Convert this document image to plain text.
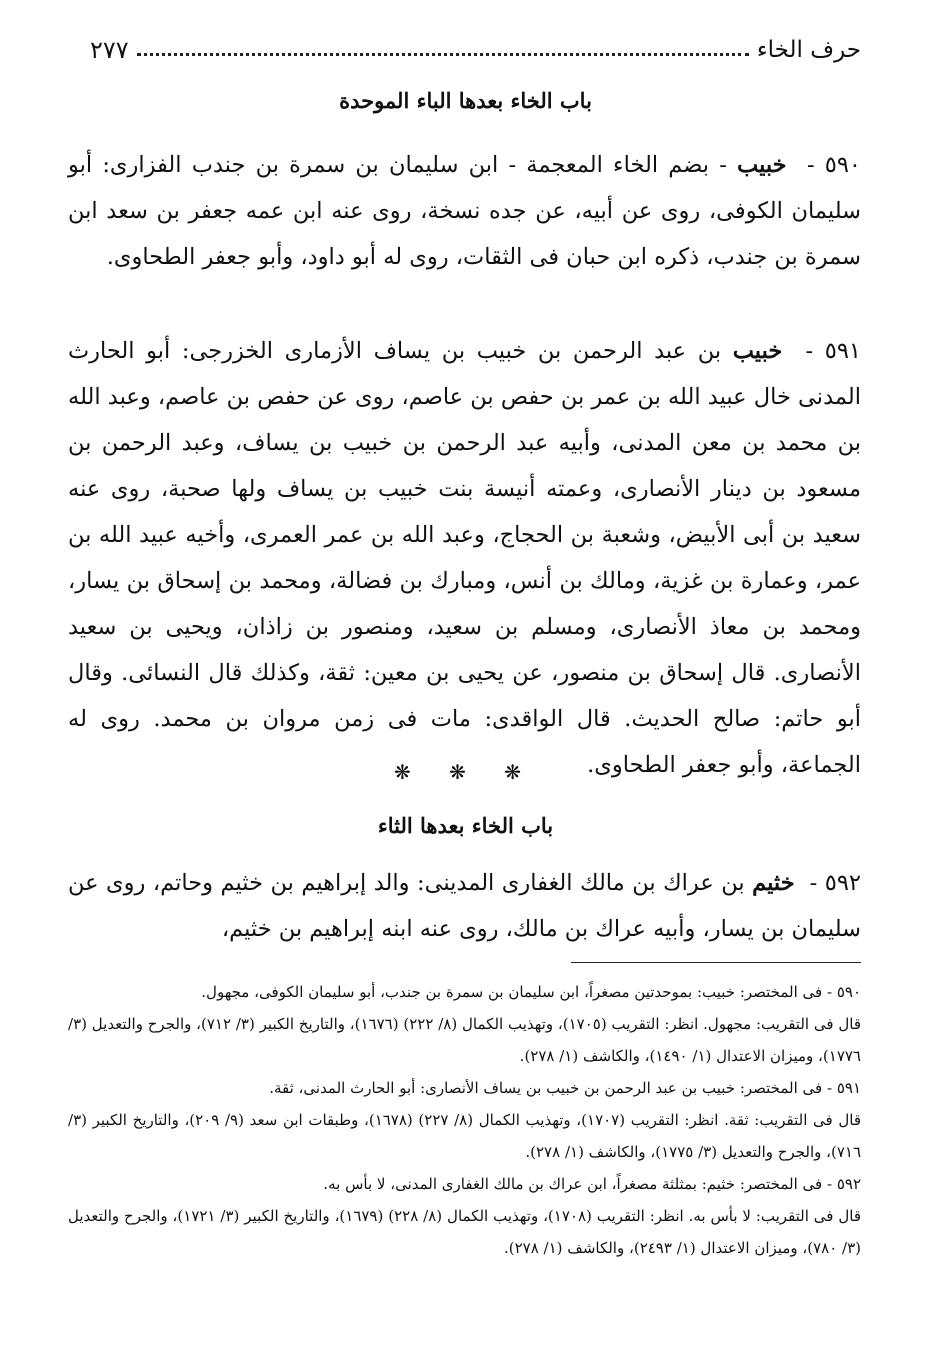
حرف الخاء
٢٧٧
باب الخاء بعدها الباء الموحدة

٥٩٠ -  خبيب - بضم الخاء المعجمة - ابن سليمان بن سمرة بن جندب الفزارى: أبو سليمان الكوفى، روى عن أبيه، عن جده نسخة، روى عنه ابن عمه جعفر بن سعد ابن سمرة بن جندب، ذكره ابن حبان فى الثقات، روى له أبو داود، وأبو جعفر الطحاوى.

٥٩١ -  خبيب بن عبد الرحمن بن خبيب بن يساف الأزمارى الخزرجى: أبو الحارث المدنى خال عبيد الله بن عمر بن حفص بن عاصم، روى عن حفص بن عاصم، وعبد الله بن محمد بن معن المدنى، وأبيه عبد الرحمن بن خبيب بن يساف، وعبد الرحمن بن مسعود بن دينار الأنصارى، وعمته أنيسة بنت خبيب بن يساف ولها صحبة، روى عنه سعيد بن أبى الأبيض، وشعبة بن الحجاج، وعبد الله بن عمر العمرى، وأخيه عبيد الله بن عمر، وعمارة بن غزية، ومالك بن أنس، ومبارك بن فضالة، ومحمد بن إسحاق بن يسار، ومحمد بن معاذ الأنصارى، ومسلم بن سعيد، ومنصور بن زاذان، ويحيى بن سعيد الأنصارى. قال إسحاق بن منصور، عن يحيى بن معين: ثقة، وكذلك قال النسائى. وقال أبو حاتم: صالح الحديث. قال الواقدى: مات فى زمن مروان بن محمد. روى له الجماعة، وأبو جعفر الطحاوى.

❋ ❋ ❋
باب الخاء بعدها الثاء

٥٩٢ -  خثيم بن عراك بن مالك الغفارى المدينى: والد إبراهيم بن خثيم وحاتم، روى عن سليمان بن يسار، وأبيه عراك بن مالك، روى عنه ابنه إبراهيم بن خثيم،

٥٩٠ - فى المختصر: خبيب: بموحدتين مصغراً، ابن سليمان بن سمرة بن جندب، أبو سليمان الكوفى، مجهول.

قال فى التقريب: مجهول. انظر: التقريب (١٧٠٥)، وتهذيب الكمال (٨/ ٢٢٢) (١٦٧٦)، والتاريخ الكبير (٣/ ٧١٢)، والجرح والتعديل (٣/ ١٧٧٦)، وميزان الاعتدال (١/ ١٤٩٠)، والكاشف (١/ ٢٧٨).

٥٩١ - فى المختصر: خبيب بن عبد الرحمن بن خبيب بن يساف الأنصارى: أبو الحارث المدنى، ثقة.

قال فى التقريب: ثقة. انظر: التقريب (١٧٠٧)، وتهذيب الكمال (٨/ ٢٢٧) (١٦٧٨)، وطبقات ابن سعد (٩/ ٢٠٩)، والتاريخ الكبير (٣/ ٧١٦)، والجرح والتعديل (٣/ ١٧٧٥)، والكاشف (١/ ٢٧٨).

٥٩٢ - فى المختصر: خثيم: بمثلثة مصغراً، ابن عراك بن مالك الغفارى المدنى، لا بأس به.

قال فى التقريب: لا بأس به. انظر: التقريب (١٧٠٨)، وتهذيب الكمال (٨/ ٢٢٨) (١٦٧٩)، والتاريخ الكبير (٣/ ١٧٢١)، والجرح والتعديل (٣/ ٧٨٠)، وميزان الاعتدال (١/ ٢٤٩٣)، والكاشف (١/ ٢٧٨).
